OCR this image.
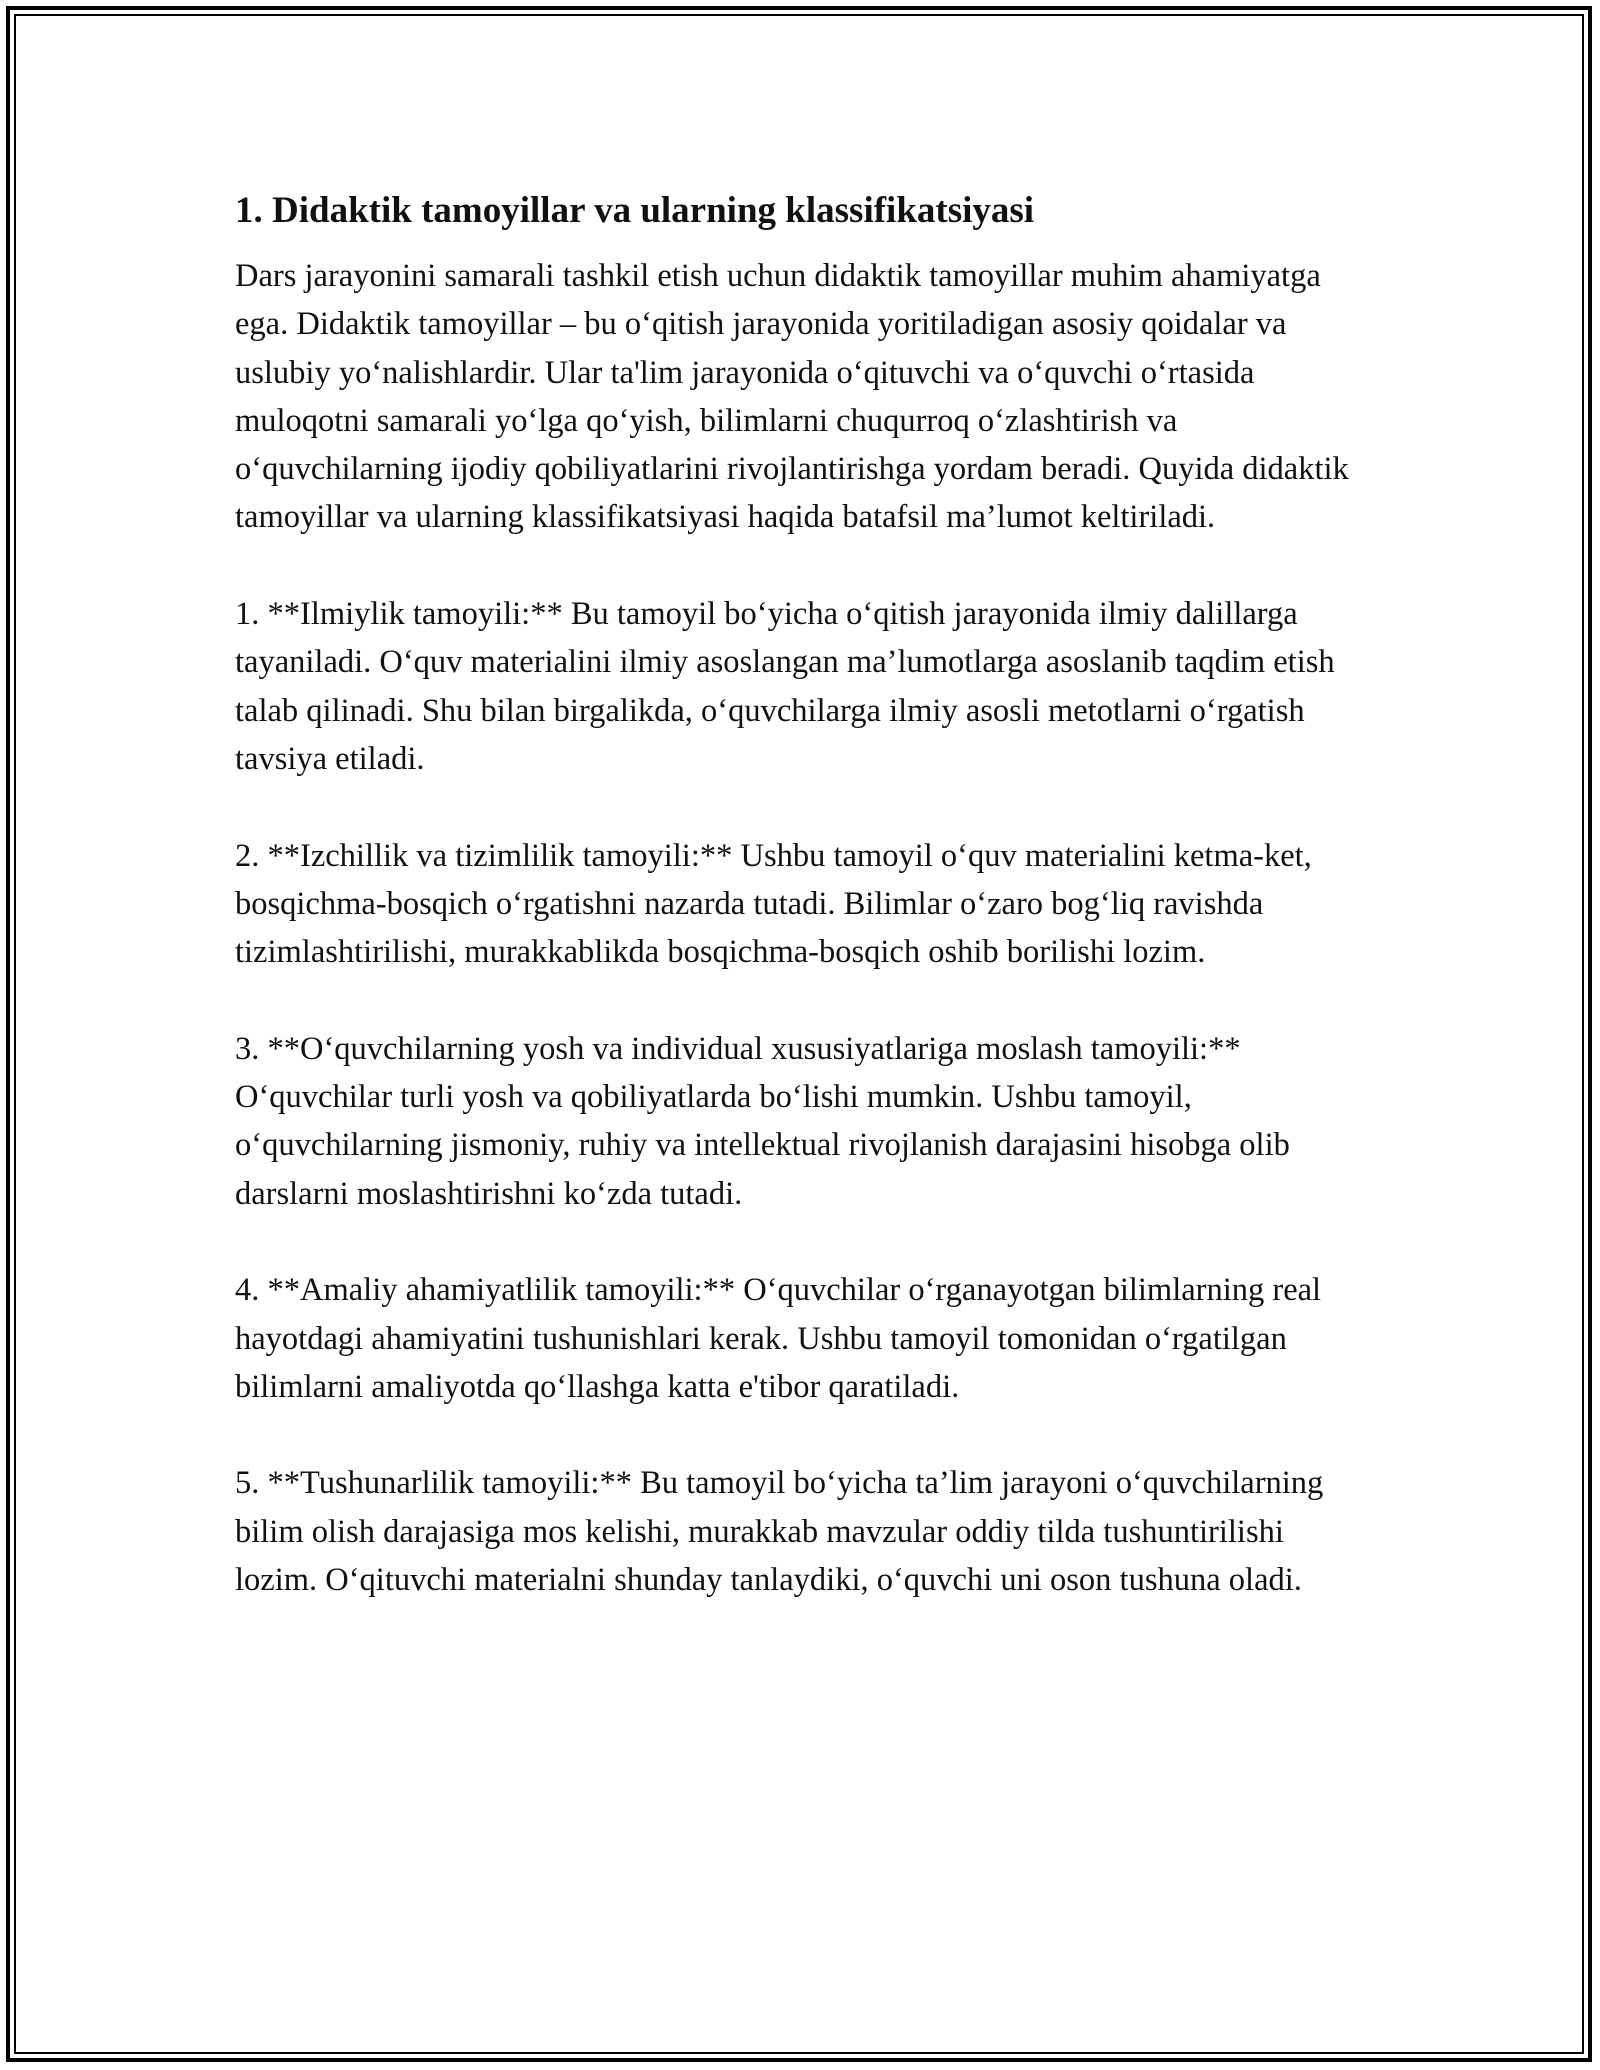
1. Didaktik tamoyillar va ularning klassifikatsiyasi

Dars jarayonini samarali tashkil etish uchun didaktik tamoyillar muhim ahamiyatga ega. Didaktik tamoyillar – bu o‘qitish jarayonida yoritiladigan asosiy qoidalar va uslubiy yo‘nalishlardir. Ular ta'lim jarayonida o‘qituvchi va o‘quvchi o‘rtasida muloqotni samarali yo‘lga qo‘yish, bilimlarni chuqurroq o‘zlashtirish va o‘quvchilarning ijodiy qobiliyatlarini rivojlantirishga yordam beradi. Quyida didaktik tamoyillar va ularning klassifikatsiyasi haqida batafsil ma’lumot keltiriladi.

1. **Ilmiylik tamoyili:** Bu tamoyil bo‘yicha o‘qitish jarayonida ilmiy dalillarga tayaniladi. O‘quv materialini ilmiy asoslangan ma’lumotlarga asoslanib taqdim etish talab qilinadi. Shu bilan birgalikda, o‘quvchilarga ilmiy asosli metotlarni o‘rgatish tavsiya etiladi.

2. **Izchillik va tizimlilik tamoyili:** Ushbu tamoyil o‘quv materialini ketma-ket, bosqichma-bosqich o‘rgatishni nazarda tutadi. Bilimlar o‘zaro bog‘liq ravishda tizimlashtirilishi, murakkablikda bosqichma-bosqich oshib borilishi lozim.

3. **O‘quvchilarning yosh va individual xususiyatlariga moslash tamoyili:** O‘quvchilar turli yosh va qobiliyatlarda bo‘lishi mumkin. Ushbu tamoyil, o‘quvchilarning jismoniy, ruhiy va intellektual rivojlanish darajasini hisobga olib darslarni moslashtirishni ko‘zda tutadi.

4. **Amaliy ahamiyatlilik tamoyili:** O‘quvchilar o‘rganayotgan bilimlarning real hayotdagi ahamiyatini tushunishlari kerak. Ushbu tamoyil tomonidan o‘rgatilgan bilimlarni amaliyotda qo‘llashga katta e'tibor qaratiladi.

5. **Tushunarlilik tamoyili:** Bu tamoyil bo‘yicha ta’lim jarayoni o‘quvchilarning bilim olish darajasiga mos kelishi, murakkab mavzular oddiy tilda tushuntirilishi lozim. O‘qituvchi materialni shunday tanlaydiki, o‘quvchi uni oson tushuna oladi.
